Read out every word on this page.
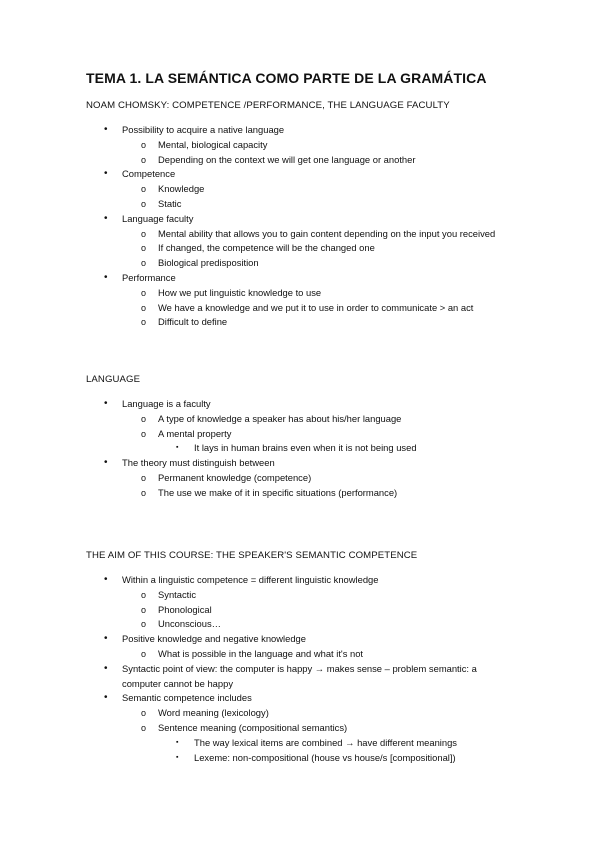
TEMA 1. LA SEMÁNTICA COMO PARTE DE LA GRAMÁTICA
NOAM CHOMSKY: COMPETENCE /PERFORMANCE, THE LANGUAGE FACULTY
• Possibility to acquire a native language
o Mental, biological capacity
o Depending on the context we will get one language or another
• Competence
o Knowledge
o Static
• Language faculty
o Mental ability that allows you to gain content depending on the input you received
o If changed, the competence will be the changed one
o Biological predisposition
• Performance
o How we put linguistic knowledge to use
o We have a knowledge and we put it to use in order to communicate > an act
o Difficult to define
LANGUAGE
• Language is a faculty
o A type of knowledge a speaker has about his/her language
o A mental property
▪ It lays in human brains even when it is not being used
• The theory must distinguish between
o Permanent knowledge (competence)
o The use we make of it in specific situations (performance)
THE AIM OF THIS COURSE: THE SPEAKER'S SEMANTIC COMPETENCE
• Within a linguistic competence = different linguistic knowledge
o Syntactic
o Phonological
o Unconscious…
• Positive knowledge and negative knowledge
o What is possible in the language and what it's not
• Syntactic point of view: the computer is happy → makes sense – problem semantic: a computer cannot be happy
• Semantic competence includes
o Word meaning (lexicology)
o Sentence meaning (compositional semantics)
▪ The way lexical items are combined → have different meanings
▪ Lexeme: non-compositional (house vs house/s [compositional])
